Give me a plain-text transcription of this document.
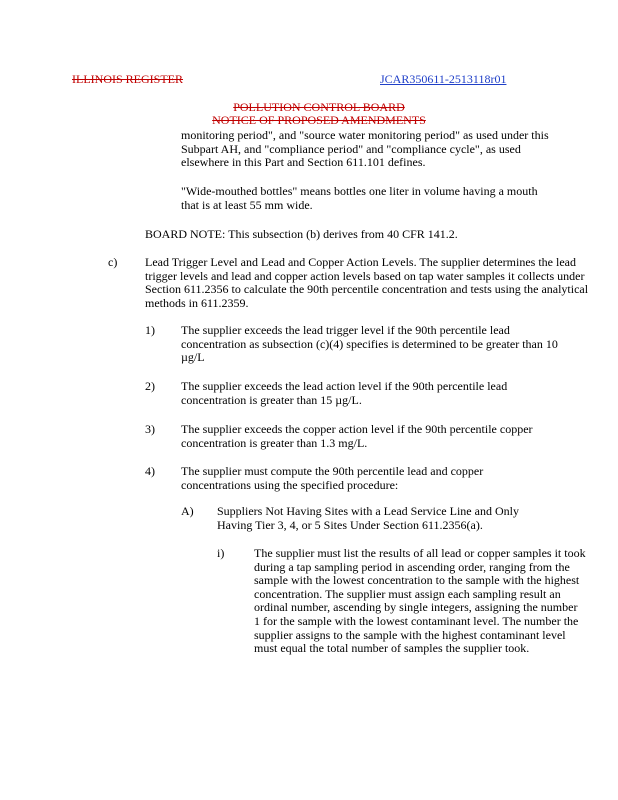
ILLINOIS REGISTER	JCAR350611-2513118r01
POLLUTION CONTROL BOARD
NOTICE OF PROPOSED AMENDMENTS

monitoring period", and "source water monitoring period" as used under this Subpart AH, and "compliance period" and "compliance cycle", as used elsewhere in this Part and Section 611.101 defines.

"Wide-mouthed bottles" means bottles one liter in volume having a mouth that is at least 55 mm wide.

BOARD NOTE: This subsection (b) derives from 40 CFR 141.2.

c) Lead Trigger Level and Lead and Copper Action Levels. The supplier determines the lead trigger levels and lead and copper action levels based on tap water samples it collects under Section 611.2356 to calculate the 90th percentile concentration and tests using the analytical methods in 611.2359.

1) The supplier exceeds the lead trigger level if the 90th percentile lead concentration as subsection (c)(4) specifies is determined to be greater than 10 µg/L

2) The supplier exceeds the lead action level if the 90th percentile lead concentration is greater than 15 µg/L.

3) The supplier exceeds the copper action level if the 90th percentile copper concentration is greater than 1.3 mg/L.

4) The supplier must compute the 90th percentile lead and copper concentrations using the specified procedure:

A) Suppliers Not Having Sites with a Lead Service Line and Only Having Tier 3, 4, or 5 Sites Under Section 611.2356(a).

i) The supplier must list the results of all lead or copper samples it took during a tap sampling period in ascending order, ranging from the sample with the lowest concentration to the sample with the highest concentration. The supplier must assign each sampling result an ordinal number, ascending by single integers, assigning the number 1 for the sample with the lowest contaminant level. The number the supplier assigns to the sample with the highest contaminant level must equal the total number of samples the supplier took.
